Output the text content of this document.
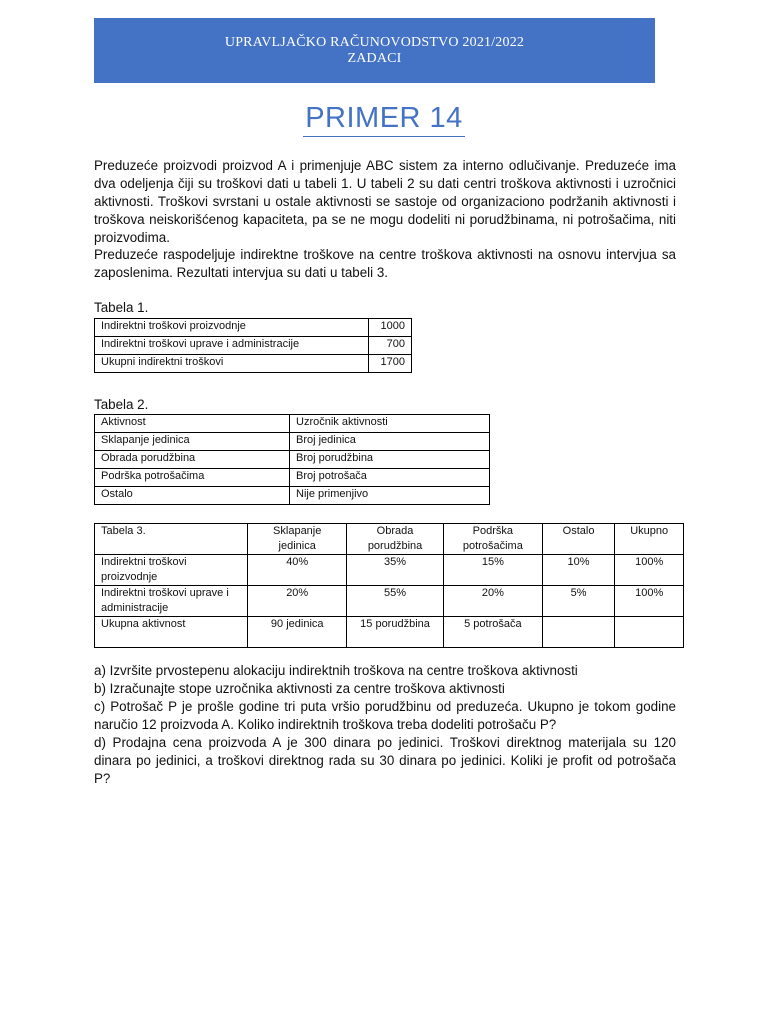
UPRAVLJAČKO RAČUNOVODSTVO 2021/2022
ZADACI
PRIMER 14
Preduzeće proizvodi proizvod A i primenjuje ABC sistem za interno odlučivanje. Preduzeće ima dva odeljenja čiji su troškovi dati u tabeli 1. U tabeli 2 su dati centri troškova aktivnosti i uzročnici aktivnosti. Troškovi svrstani u ostale aktivnosti se sastoje od organizaciono podržanih aktivnosti i troškova neiskorišćenog kapaciteta, pa se ne mogu dodeliti ni porudžbinama, ni potrošačima, niti proizvodima.
Preduzeće raspodeljuje indirektne troškove na centre troškova aktivnosti na osnovu intervjua sa zaposlenima. Rezultati intervjua su dati u tabeli 3.
Tabela 1.
Indirektni troškovi proizvodnje	1000
Indirektni troškovi uprave i administracije	700
Ukupni indirektni troškovi	1700
Tabela 2.
Aktivnost	Uzročnik aktivnosti
Sklapanje jedinica	Broj jedinica
Obrada porudžbina	Broj porudžbina
Podrška potrošačima	Broj potrošača
Ostalo	Nije primenjivo
Tabela 3.	Sklapanje jedinica	Obrada porudžbina	Podrška potrošačima	Ostalo	Ukupno
Indirektni troškovi proizvodnje	40%	35%	15%	10%	100%
Indirektni troškovi uprave i administracije	20%	55%	20%	5%	100%
Ukupna aktivnost	90 jedinica	15 porudžbina	5 potrošača		
a) Izvršite prvostepenu alokaciju indirektnih troškova na centre troškova aktivnosti
b) Izračunajte stope uzročnika aktivnosti za centre troškova aktivnosti
c) Potrošač P je prošle godine tri puta vršio porudžbinu od preduzeća. Ukupno je tokom godine naručio 12 proizvoda A. Koliko indirektnih troškova treba dodeliti potrošaču P?
d) Prodajna cena proizvoda A je 300 dinara po jedinici. Troškovi direktnog materijala su 120 dinara po jedinici, a troškovi direktnog rada su 30 dinara po jedinici. Koliki je profit od potrošača P?
